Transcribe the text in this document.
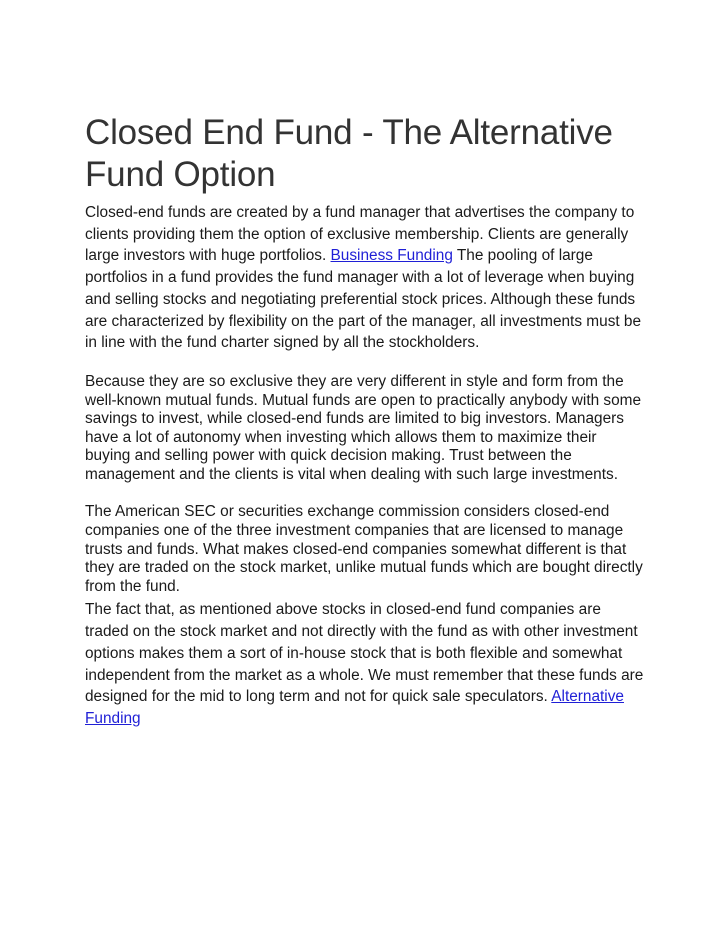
Closed End Fund - The Alternative Fund Option

Closed-end funds are created by a fund manager that advertises the company to clients providing them the option of exclusive membership. Clients are generally large investors with huge portfolios. Business Funding The pooling of large portfolios in a fund provides the fund manager with a lot of leverage when buying and selling stocks and negotiating preferential stock prices. Although these funds are characterized by flexibility on the part of the manager, all investments must be in line with the fund charter signed by all the stockholders.

Because they are so exclusive they are very different in style and form from the well-known mutual funds. Mutual funds are open to practically anybody with some savings to invest, while closed-end funds are limited to big investors. Managers have a lot of autonomy when investing which allows them to maximize their buying and selling power with quick decision making. Trust between the management and the clients is vital when dealing with such large investments.

The American SEC or securities exchange commission considers closed-end companies one of the three investment companies that are licensed to manage trusts and funds. What makes closed-end companies somewhat different is that they are traded on the stock market, unlike mutual funds which are bought directly from the fund.

The fact that, as mentioned above stocks in closed-end fund companies are traded on the stock market and not directly with the fund as with other investment options makes them a sort of in-house stock that is both flexible and somewhat independent from the market as a whole. We must remember that these funds are designed for the mid to long term and not for quick sale speculators. Alternative Funding
